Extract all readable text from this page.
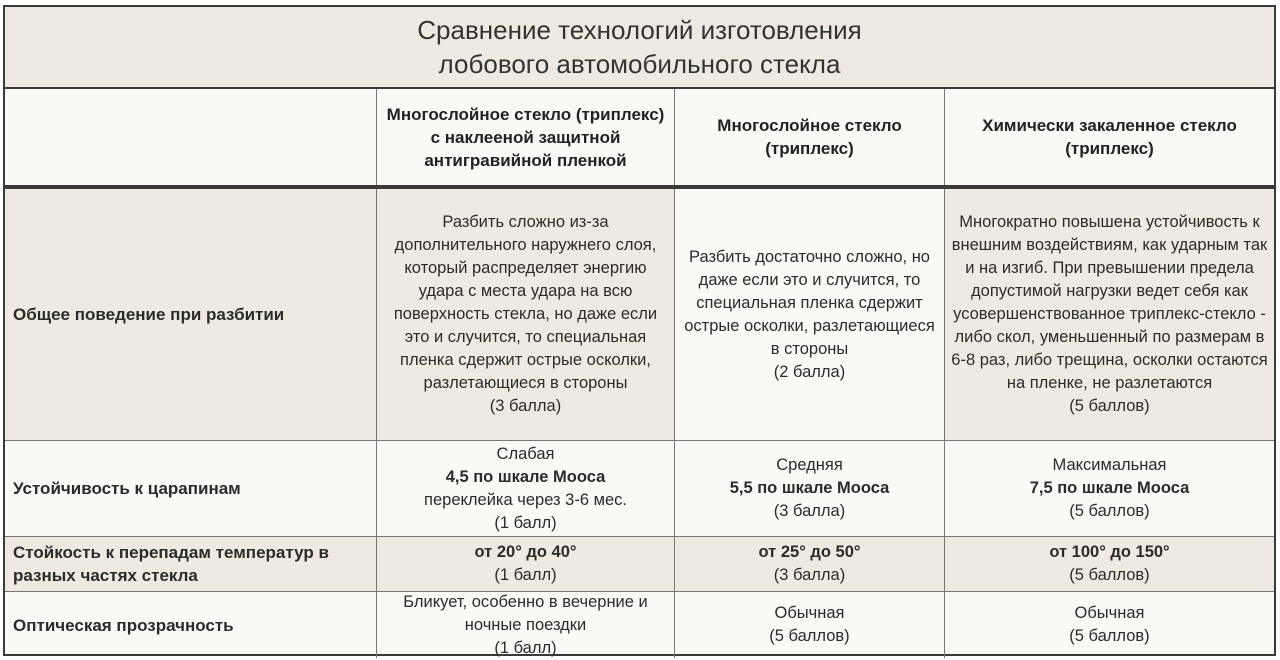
Сравнение технологий изготовления
лобового автомобильного стекла
Многослойное стекло (триплекс) с наклееной защитной антигравийной пленкой
Многослойное стекло (триплекс)
Химически закаленное стекло (триплекс)
Общее поведение при разбитии
Разбить сложно из-за дополнительного наружнего слоя, который распределяет энергию удара с места удара на всю поверхность стекла, но даже если это и случится, то специальная пленка сдержит острые осколки, разлетающиеся в стороны
(3 балла)
Разбить достаточно сложно, но даже если это и случится, то специальная пленка сдержит острые осколки, разлетающиеся в стороны
(2 балла)
Многократно повышена устойчивость к внешним воздействиям, как ударным так и на изгиб. При превышении предела допустимой нагрузки ведет себя как усовершенствованное триплекс-стекло - либо скол, уменьшенный по размерам в 6-8 раз, либо трещина, осколки остаются на пленке, не разлетаются
(5 баллов)
Устойчивость к царапинам
Слабая
4,5 по шкале Мооса
переклейка через 3-6 мес.
(1 балл)
Средняя
5,5 по шкале Мооса
(3 балла)
Максимальная
7,5 по шкале Мооса
(5 баллов)
Стойкость к перепадам температур в разных частях стекла
от 20° до 40°
(1 балл)
от 25° до 50°
(3 балла)
от 100° до 150°
(5 баллов)
Оптическая прозрачность
Бликует, особенно в вечерние и ночные поездки
(1 балл)
Обычная
(5 баллов)
Обычная
(5 баллов)
